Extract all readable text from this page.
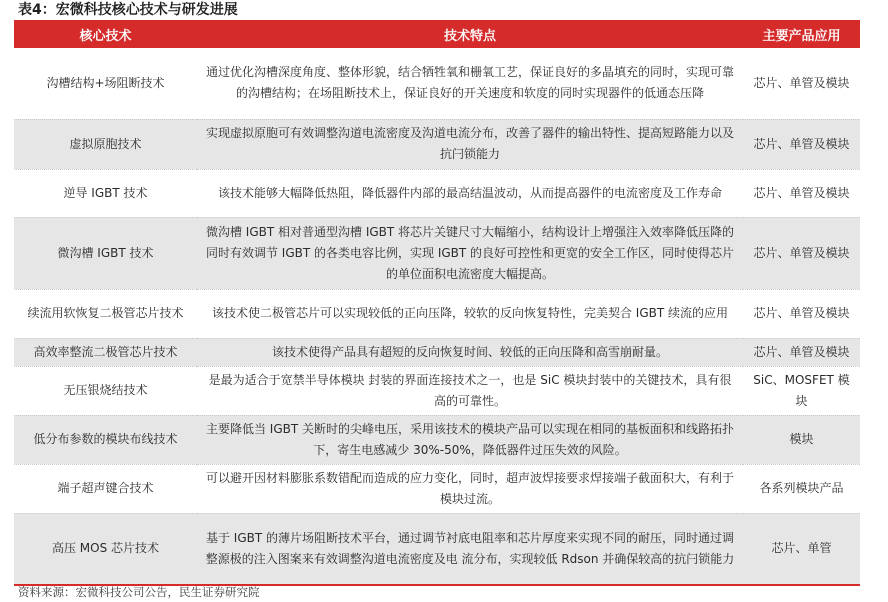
表4：宏微科技核心技术与研发进展
核心技术	技术特点	主要产品应用
沟槽结构+场阻断技术	通过优化沟槽深度角度、整体形貌，结合牺牲氧和栅氧工艺，保证良好的多晶填充的同时，实现可靠的沟槽结构；在场阻断技术上，保证良好的开关速度和软度的同时实现器件的低通态压降	芯片、单管及模块
虚拟原胞技术	实现虚拟原胞可有效调整沟道电流密度及沟道电流分布，改善了器件的输出特性、提高短路能力以及抗闩锁能力	芯片、单管及模块
逆导 IGBT 技术	该技术能够大幅降低热阻，降低器件内部的最高结温波动，从而提高器件的电流密度及工作寿命	芯片、单管及模块
微沟槽 IGBT 技术	微沟槽 IGBT 相对普通型沟槽 IGBT 将芯片关键尺寸大幅缩小，结构设计上增强注入效率降低压降的同时有效调节 IGBT 的各类电容比例，实现 IGBT 的良好可控性和更宽的安全工作区，同时使得芯片的单位面积电流密度大幅提高。	芯片、单管及模块
续流用软恢复二极管芯片技术	该技术使二极管芯片可以实现较低的正向压降，较软的反向恢复特性，完美契合 IGBT 续流的应用	芯片、单管及模块
高效率整流二极管芯片技术	该技术使得产品具有超短的反向恢复时间、较低的正向压降和高雪崩耐量。	芯片、单管及模块
无压银烧结技术	是最为适合于宽禁半导体模块 封装的界面连接技术之一，也是 SiC 模块封装中的关键技术，具有很高的可靠性。	SiC、MOSFET 模块
低分布参数的模块布线技术	主要降低当 IGBT 关断时的尖峰电压，采用该技术的模块产品可以实现在相同的基板面积和线路拓扑下，寄生电感减少 30%-50%，降低器件过压失效的风险。	模块
端子超声键合技术	可以避开因材料膨胀系数错配而造成的应力变化，同时，超声波焊接要求焊接端子截面积大，有利于模块过流。	各系列模块产品
高压 MOS 芯片技术	基于 IGBT 的薄片场阻断技术平台，通过调节衬底电阻率和芯片厚度来实现不同的耐压，同时通过调整源极的注入图案来有效调整沟道电流密度及电 流分布，实现较低 Rdson 并确保较高的抗闩锁能力	芯片、单管
资料来源：宏微科技公司公告，民生证券研究院
